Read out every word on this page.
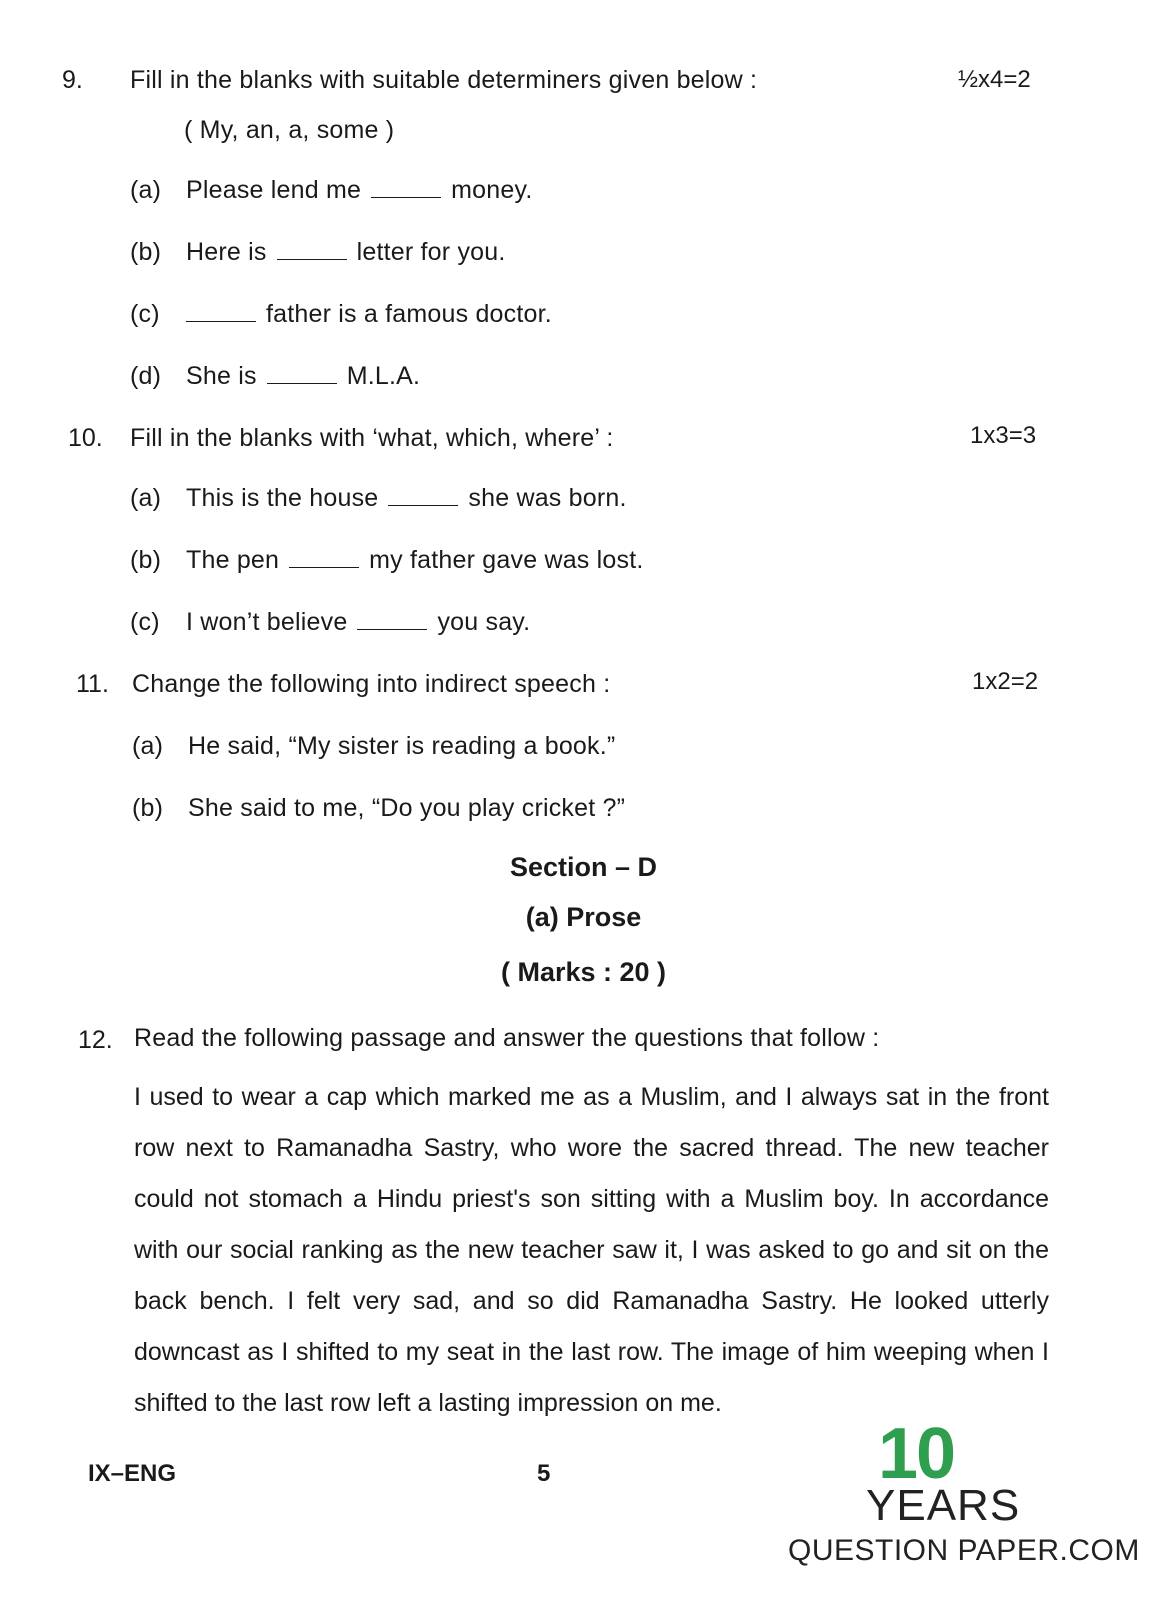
9. Fill in the blanks with suitable determiners given below :	½x4=2
( My, an, a, some )
(a) Please lend me	money.
(b) Here is	letter for you.
(c)	father is a famous doctor.
(d) She is	M.L.A.
10. Fill in the blanks with ‘what, which, where’ :	1x3=3
(a) This is the house	she was born.
(b) The pen	my father gave was lost.
(c) I won’t believe	you say.
11. Change the following into indirect speech :	1x2=2
(a) He said, “My sister is reading a book.”
(b) She said to me, “Do you play cricket ?”
Section – D
(a) Prose
( Marks : 20 )
12. Read the following passage and answer the questions that follow :
I used to wear a cap which marked me as a Muslim, and I always sat in the front row next to Ramanadha Sastry, who wore the sacred thread. The new teacher could not stomach a Hindu priest's son sitting with a Muslim boy. In accordance with our social ranking as the new teacher saw it, I was asked to go and sit on the back bench. I felt very sad, and so did Ramanadha Sastry. He looked utterly downcast as I shifted to my seat in the last row. The image of him weeping when I shifted to the last row left a lasting impression on me.
IX–ENG	5	10
YEARS
QUESTION PAPER.COM
